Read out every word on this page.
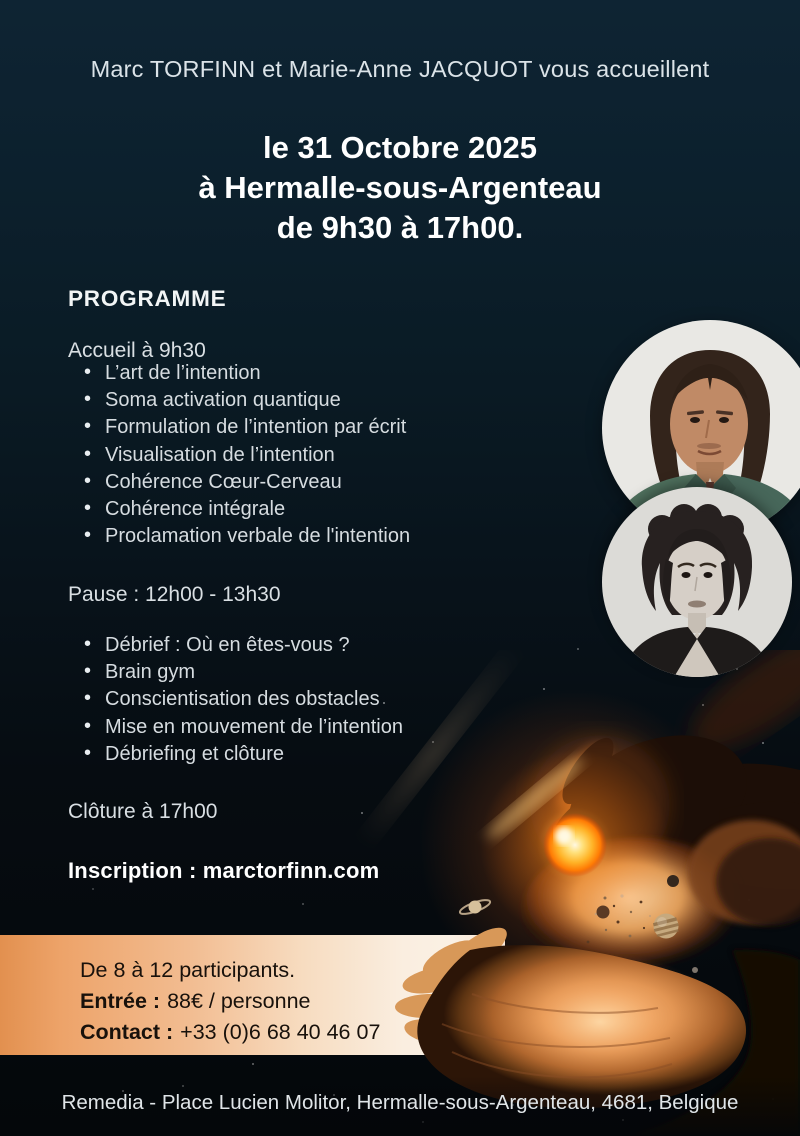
Marc TORFINN et Marie-Anne JACQUOT vous accueillent
le 31 Octobre 2025
à Hermalle-sous-Argenteau
de 9h30 à 17h00.
PROGRAMME
Accueil à 9h30
• L’art de l’intention
• Soma activation quantique
• Formulation de l’intention par écrit
• Visualisation de l’intention
• Cohérence Cœur-Cerveau
• Cohérence intégrale
• Proclamation verbale de l'intention
Pause : 12h00 - 13h30
• Débrief : Où en êtes-vous ?
• Brain gym
• Conscientisation des obstacles
• Mise en mouvement de l’intention
• Débriefing et clôture
Clôture à 17h00
Inscription : marctorfinn.com
De 8 à 12 participants.
Entrée : 88€ / personne
Contact : +33 (0)6 68 40 46 07
Remedia - Place Lucien Molitor, Hermalle-sous-Argenteau, 4681, Belgique
